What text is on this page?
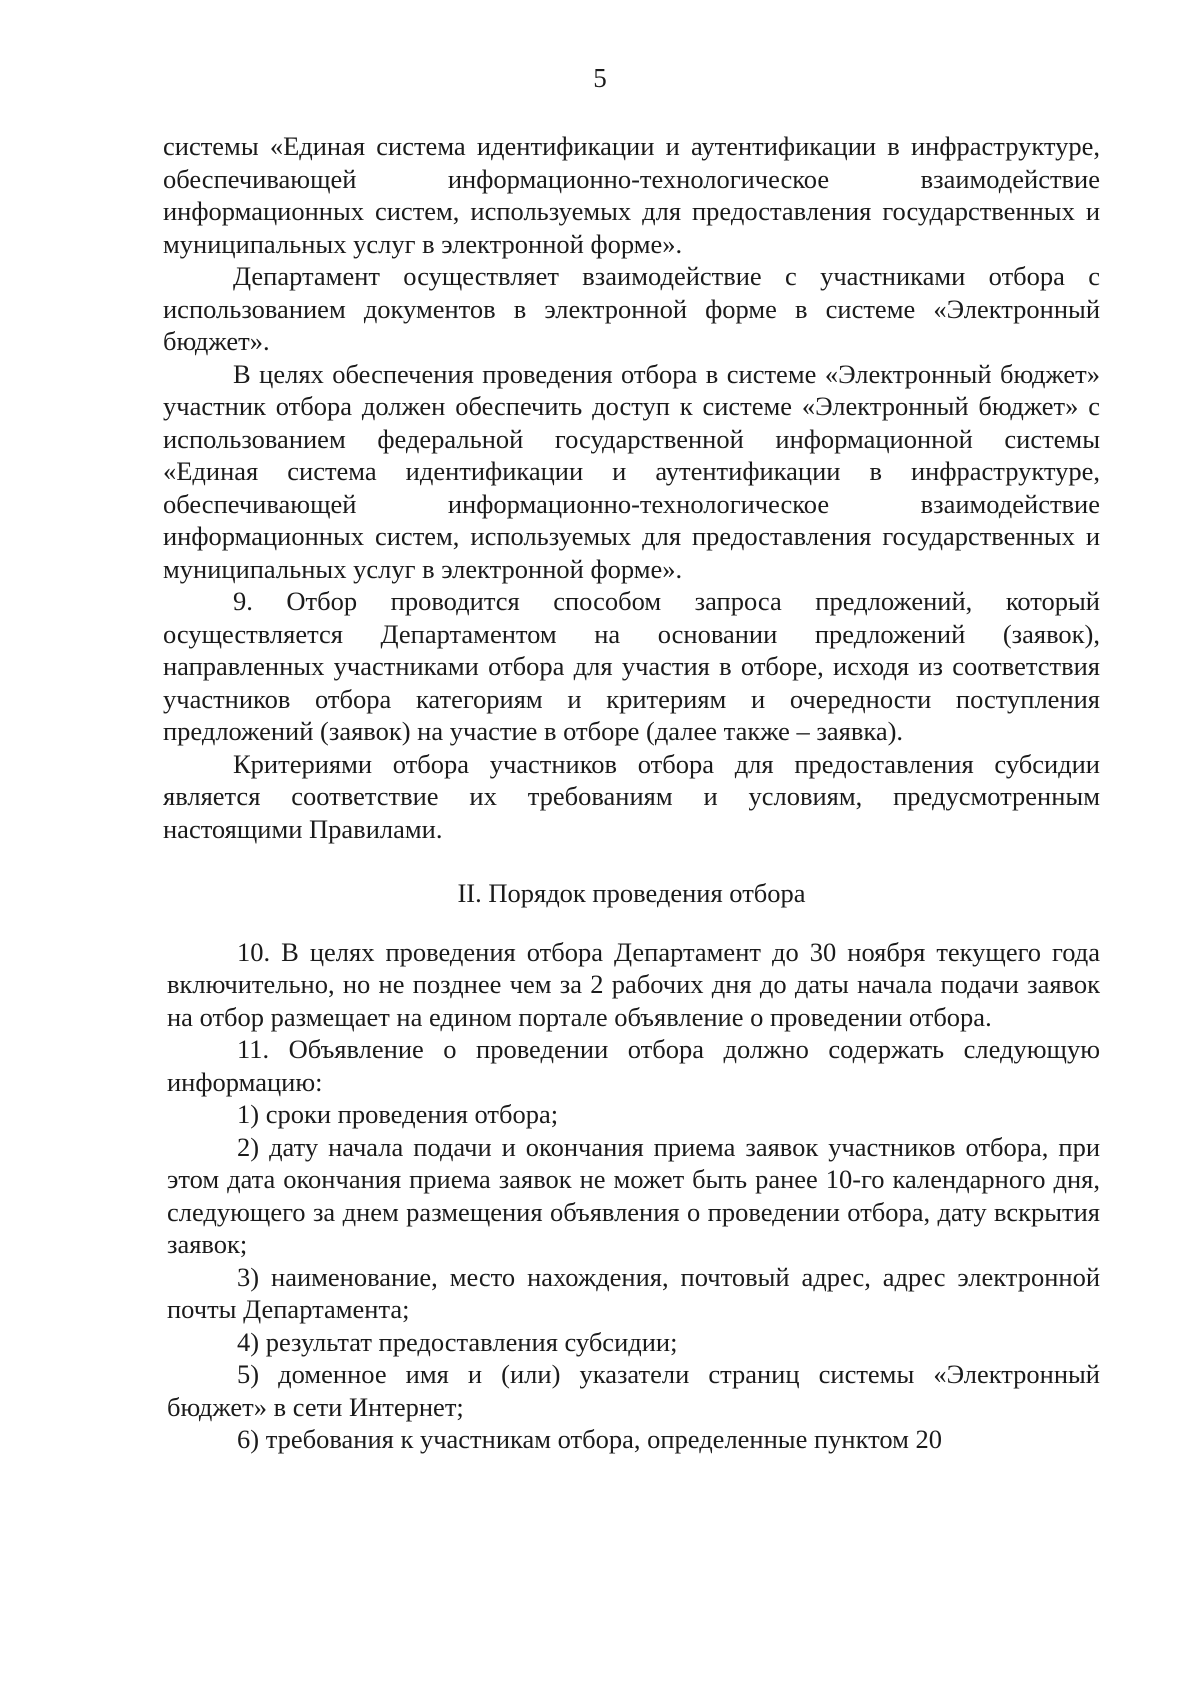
5

системы «Единая система идентификации и аутентификации в инфраструктуре, обеспечивающей информационно-технологическое взаимодействие информационных систем, используемых для предоставления государственных и муниципальных услуг в электронной форме».

Департамент осуществляет взаимодействие с участниками отбора с использованием документов в электронной форме в системе «Электронный бюджет».

В целях обеспечения проведения отбора в системе «Электронный бюджет» участник отбора должен обеспечить доступ к системе «Электронный бюджет» с использованием федеральной государственной информационной системы «Единая система идентификации и аутентификации в инфраструктуре, обеспечивающей информационно-технологическое взаимодействие информационных систем, используемых для предоставления государственных и муниципальных услуг в электронной форме».

9. Отбор проводится способом запроса предложений, который осуществляется Департаментом на основании предложений (заявок), направленных участниками отбора для участия в отборе, исходя из соответствия участников отбора категориям и критериям и очередности поступления предложений (заявок) на участие в отборе (далее также – заявка).

Критериями отбора участников отбора для предоставления субсидии является соответствие их требованиям и условиям, предусмотренным настоящими Правилами.

II. Порядок проведения отбора

10. В целях проведения отбора Департамент до 30 ноября текущего года включительно, но не позднее чем за 2 рабочих дня до даты начала подачи заявок на отбор размещает на едином портале объявление о проведении отбора.

11. Объявление о проведении отбора должно содержать следующую информацию:

1) сроки проведения отбора;

2) дату начала подачи и окончания приема заявок участников отбора, при этом дата окончания приема заявок не может быть ранее 10-го календарного дня, следующего за днем размещения объявления о проведении отбора, дату вскрытия заявок;

3) наименование, место нахождения, почтовый адрес, адрес электронной почты Департамента;

4) результат предоставления субсидии;

5) доменное имя и (или) указатели страниц системы «Электронный бюджет» в сети Интернет;

6) требования к участникам отбора, определенные пунктом 20
